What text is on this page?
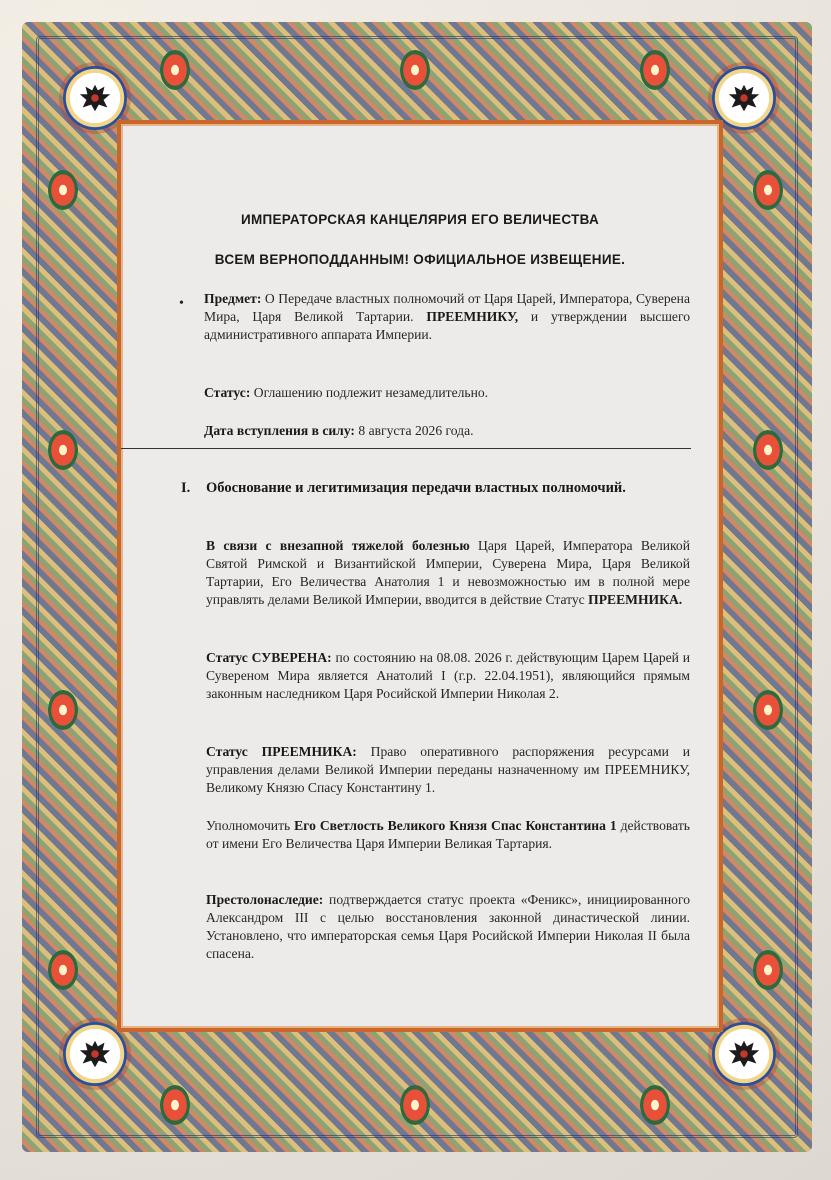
ИМПЕРАТОРСКАЯ КАНЦЕЛЯРИЯ ЕГО ВЕЛИЧЕСТВА
ВСЕМ ВЕРНОПОДДАННЫМ! ОФИЦИАЛЬНОЕ ИЗВЕЩЕНИЕ.
• Предмет: О Передаче властных полномочий от Царя Царей, Императора, Суверена Мира, Царя Великой Тартарии. ПРЕЕМНИКУ, и утверждении высшего административного аппарата Империи.
Статус: Оглашению подлежит незамедлительно.
Дата вступления в силу: 8 августа 2026 года.
I. Обоснование и легитимизация передачи властных полномочий.
В связи с внезапной тяжелой болезнью Царя Царей, Императора Великой Святой Римской и Византийской Империи, Суверена Мира, Царя Великой Тартарии, Его Величества Анатолия 1 и невозможностью им в полной мере управлять делами Великой Империи, вводится в действие Статус ПРЕЕМНИКА.
Статус СУВЕРЕНА: по состоянию на 08.08. 2026 г. действующим Царем Царей и Сувереном Мира является Анатолий I (г.р. 22.04.1951), являющийся прямым законным наследником Царя Росийской Империи Николая 2.
Статус ПРЕЕМНИКА: Право оперативного распоряжения ресурсами и управления делами Великой Империи переданы назначенному им ПРЕЕМНИКУ, Великому Князю Спасу Константину 1.
Уполномочить Его Светлость Великого Князя Спас Константина 1 действовать от имени Его Величества Царя Империи Великая Тартария.
Престолонаследие: подтверждается статус проекта «Феникс», инициированного Александром III с целью восстановления законной династической линии. Установлено, что императорская семья Царя Росийской Империи Николая II была спасена.
